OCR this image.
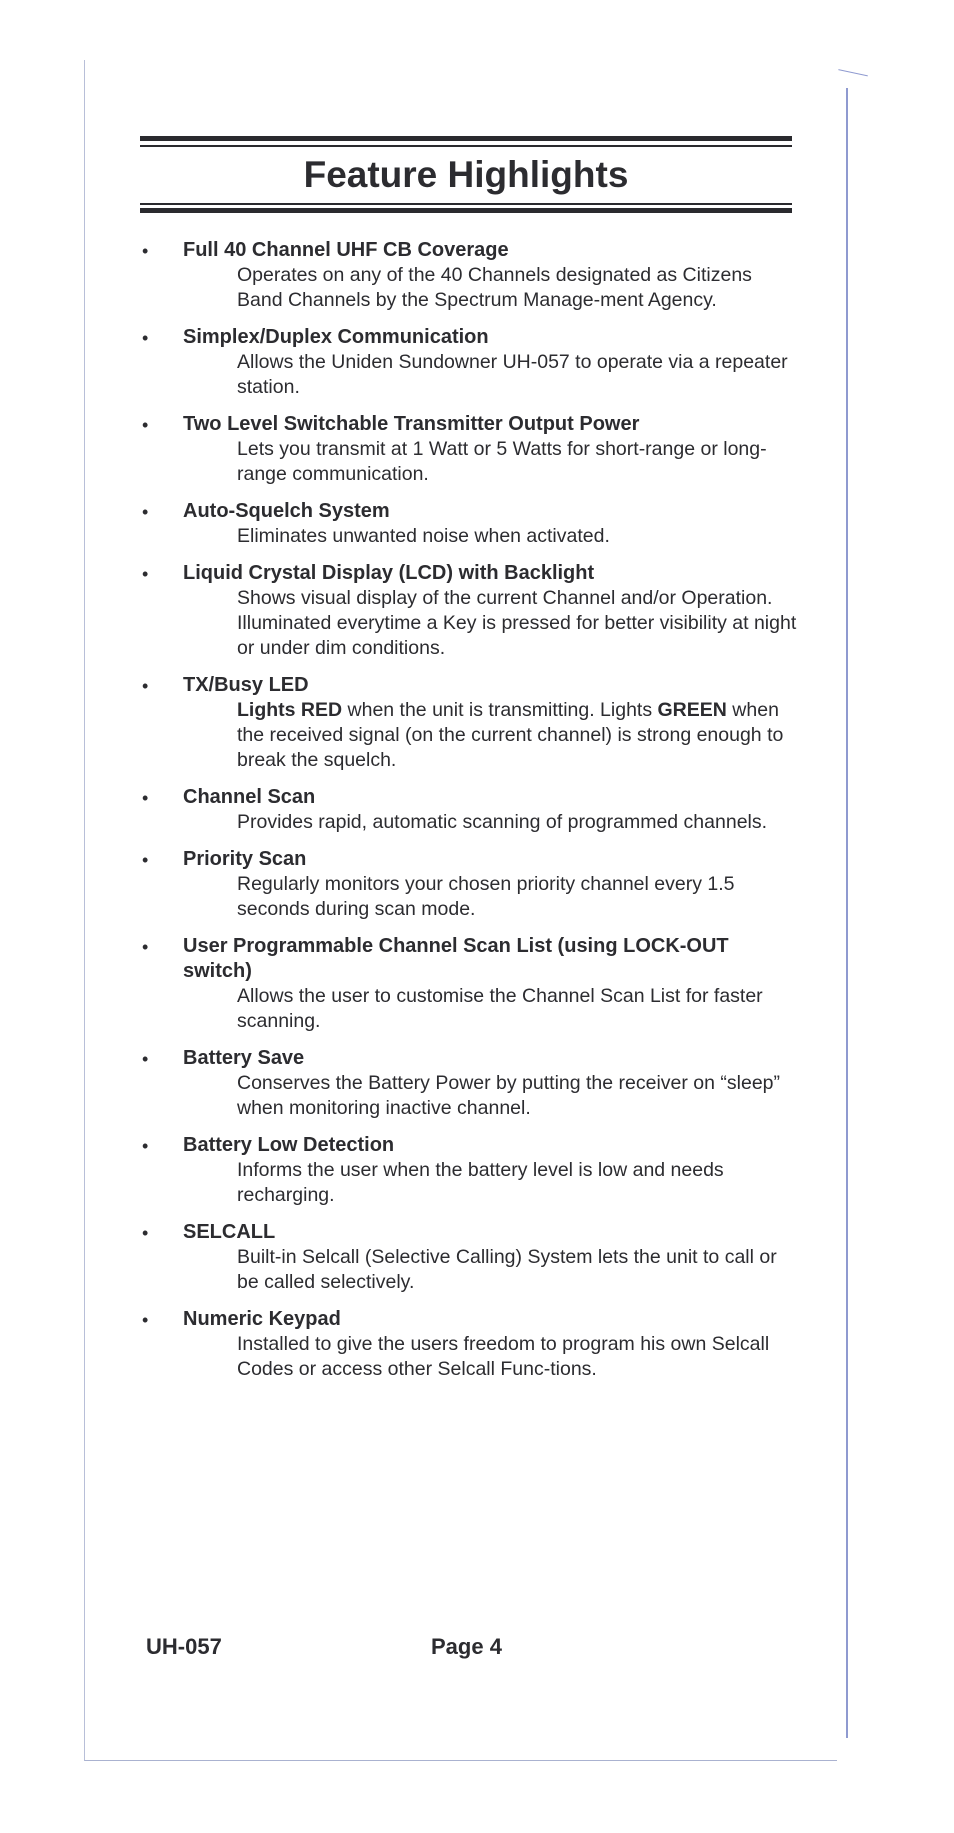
Feature Highlights
• Full 40 Channel UHF CB Coverage
Operates on any of the 40 Channels designated as Citizens Band Channels by the Spectrum Manage-ment Agency.
• Simplex/Duplex Communication
Allows the Uniden Sundowner UH-057 to operate via a repeater station.
• Two Level Switchable Transmitter Output Power
Lets you transmit at 1 Watt or 5 Watts for short-range or long-range communication.
• Auto-Squelch System
Eliminates unwanted noise when activated.
• Liquid Crystal Display (LCD) with Backlight
Shows visual display of the current Channel and/or Operation. Illuminated everytime a Key is pressed for better visibility at night or under dim conditions.
• TX/Busy LED
Lights RED when the unit is transmitting. Lights GREEN when the received signal (on the current channel) is strong enough to break the squelch.
• Channel Scan
Provides rapid, automatic scanning of programmed channels.
• Priority Scan
Regularly monitors your chosen priority channel every 1.5 seconds during scan mode.
• User Programmable Channel Scan List (using LOCK-OUT switch)
Allows the user to customise the Channel Scan List for faster scanning.
• Battery Save
Conserves the Battery Power by putting the receiver on “sleep” when monitoring inactive channel.
• Battery Low Detection
Informs the user when the battery level is low and needs recharging.
• SELCALL
Built-in Selcall (Selective Calling) System lets the unit to call or be called selectively.
• Numeric Keypad
Installed to give the users freedom to program his own Selcall Codes or access other Selcall Func-tions.
UH-057	Page 4
